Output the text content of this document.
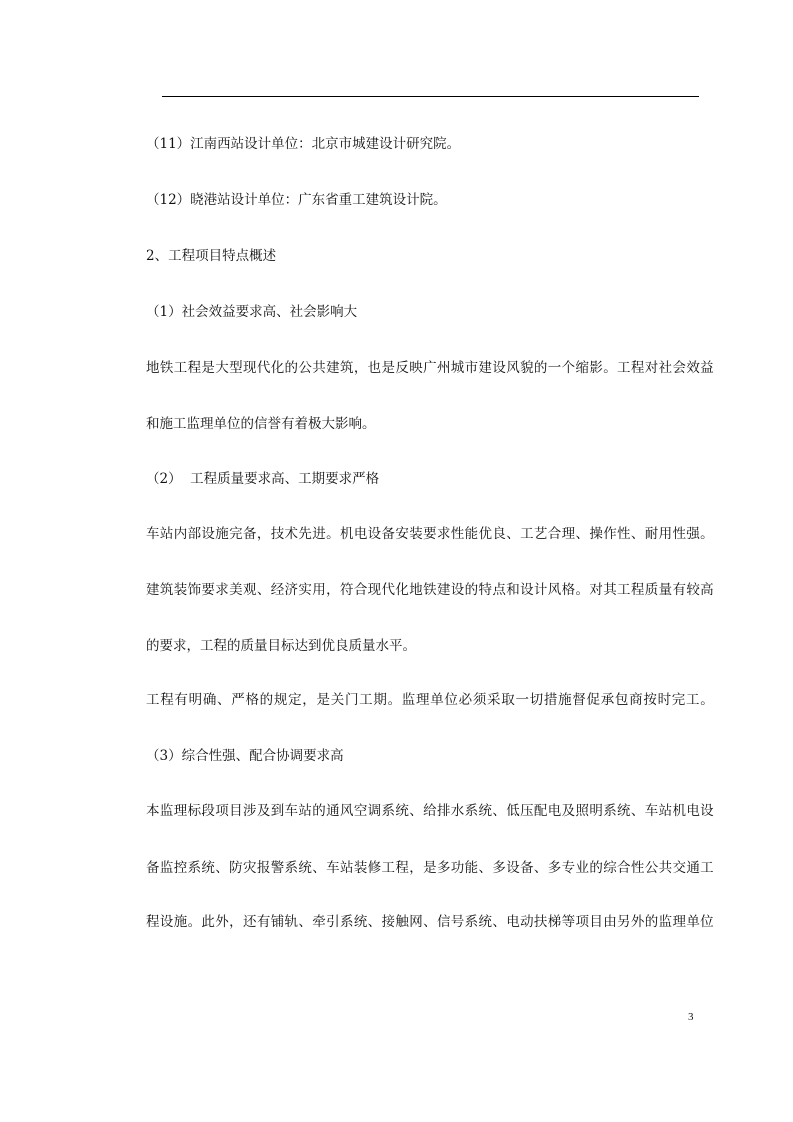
（11）江南西站设计单位：北京市城建设计研究院。

（12）晓港站设计单位：广东省重工建筑设计院。

2、工程项目特点概述

（1）社会效益要求高、社会影响大

地铁工程是大型现代化的公共建筑，也是反映广州城市建设风貌的一个缩影。工程对社会效益

和施工监理单位的信誉有着极大影响。

（2）  工程质量要求高、工期要求严格

车站内部设施完备，技术先进。机电设备安装要求性能优良、工艺合理、操作性、耐用性强。

建筑装饰要求美观、经济实用，符合现代化地铁建设的特点和设计风格。对其工程质量有较高

的要求，工程的质量目标达到优良质量水平。

工程有明确、严格的规定，是关门工期。监理单位必须采取一切措施督促承包商按时完工。

（3）综合性强、配合协调要求高

本监理标段项目涉及到车站的通风空调系统、给排水系统、低压配电及照明系统、车站机电设

备监控系统、防灾报警系统、车站装修工程，是多功能、多设备、多专业的综合性公共交通工

程设施。此外，还有铺轨、牵引系统、接触网、信号系统、电动扶梯等项目由另外的监理单位

3
